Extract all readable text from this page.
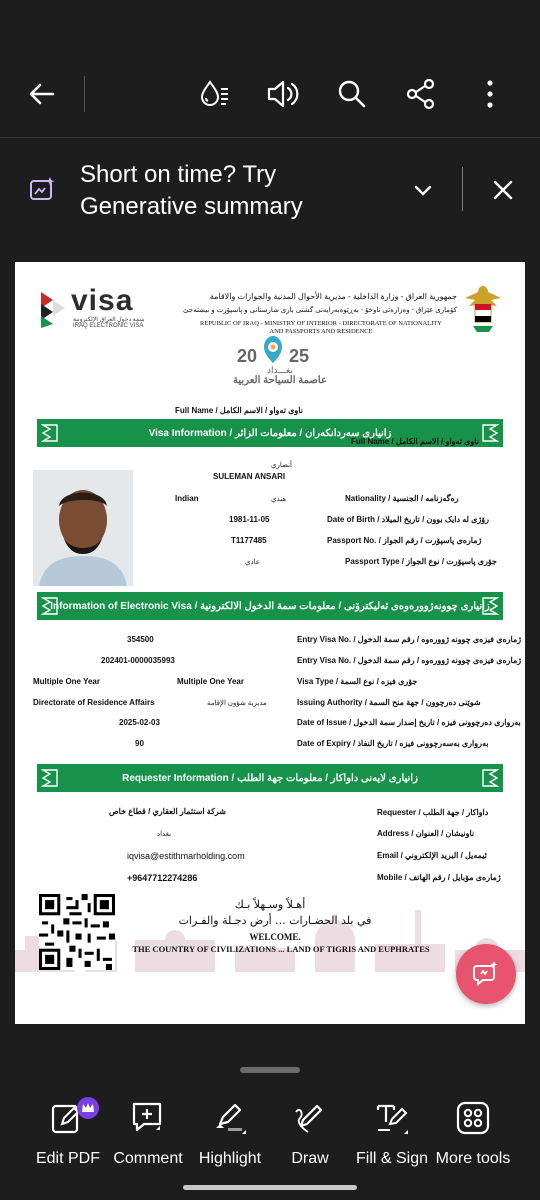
Short on time? Try
Generative summary
visa
سمة دخول العراق الإلكترونية
IRAQ ELECTRONIC VISA
جمهورية العراق - وزارة الداخلية - مديرية الأحوال المدنية والجوازات والاقامة
كۆماری عێراق - وەزارەتی ناوخۆ - بەڕێوەبەرایەتی گشتی باری شارستانی و پاسپۆرت و نیشتەجێ
REPUBLIC OF IRAQ - MINISTRY OF INTERIOR - DIRECTORATE OF NATIONALITY
AND PASSPORTS AND RESIDENCE
20 25
بغـــداد
عاصمة السياحة العربية
Full Name / ناوی تەواو / الاسم الكامل
Visa Information / زانیاری سەردانکەران / معلومات الزائر
Full Name / ناوی تەواو / الاسم الكامل
أنصاري
SULEMAN ANSARI
Nationality / رەگەزنامە / الجنسية
Indian	هندي
Date of Birth / رۆژی لە دایک بوون / تاريخ الميلاد
1981-11-05
Passport No. / ژمارەی پاسپۆرت / رقم الجواز
T1177485
Passport Type / جۆری پاسپۆرت / نوع الجواز
عادي
Information of Electronic Visa / زانیاری چوونەژوورەوەی ئەلیکترۆنی / معلومات سمة الدخول الالكترونية
Entry Visa No. / ژمارەی فیزەی چوونە ژوورەوە / رقم سمة الدخول
354500
Entry Visa No. / ژمارەی فیزەی چوونە ژوورەوە / رقم سمة الدخول
202401-0000035993
Visa Type / جۆری فیزە / نوع السمة
Multiple One Year	Multiple One Year
Issuing Authority / شوێنی دەرچوون / جهة منح السمة
Directorate of Residence Affairs	مديرية شؤون الإقامة
Date of Issue / بەرواری دەرچوونی فیزە / تاريخ إصدار سمة الدخول
2025-02-03
Date of Expiry / بەرواری بەسەرچوونی فیزە / تاريخ النفاذ
90
Requester Information / زانیاری لایەنی داواکار / معلومات جهة الطلب
Requester / داواکار / جهة الطلب
شركة استثمار العقاري / قطاع خاص
Address / ناونیشان / العنوان
بغداد
Email / ئیمەیل / البريد الإلكتروني
iqvisa@estithmarholding.com
Mobile / ژمارەی مۆبایل / رقم الهاتف
+9647712274286
أهـلاً وسـهلاً بـك
في بلد الحضـارات ... أرض دجـلة والفـرات
WELCOME.
THE COUNTRY OF CIVILIZATIONS ... LAND OF TIGRIS AND EUPHRATES
Edit PDF Comment	Highlight	Draw	Fill & Sign More tools
